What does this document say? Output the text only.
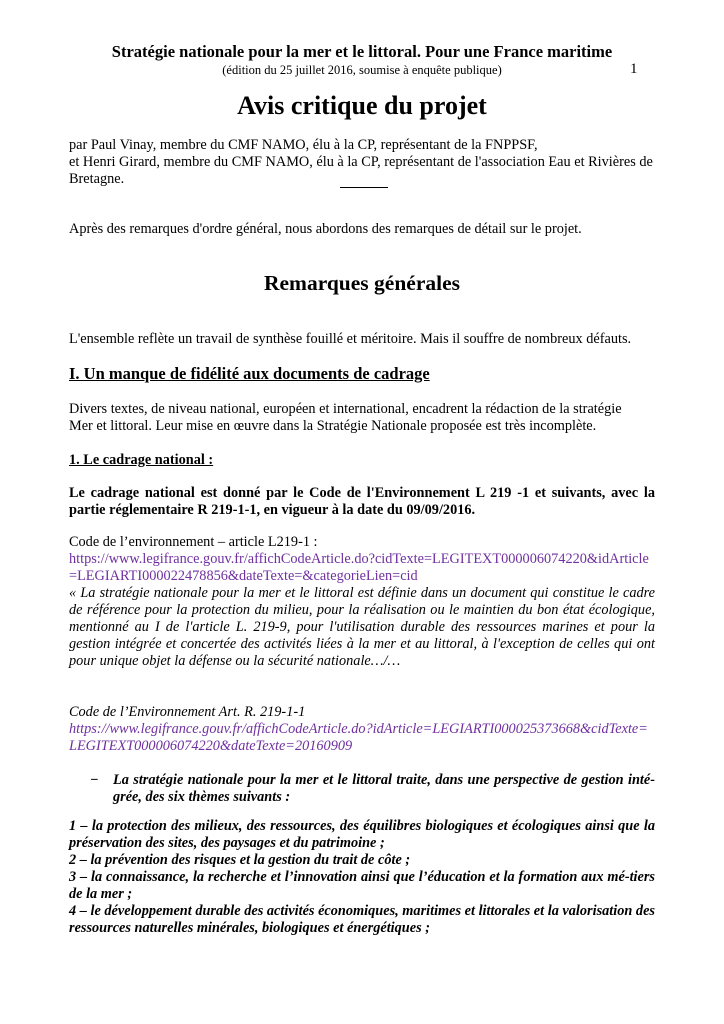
Stratégie nationale pour la mer et le littoral. Pour une France maritime
(édition du 25 juillet 2016, soumise à enquête publique)	1
Avis critique du projet
par Paul Vinay, membre du CMF NAMO, élu à la CP, représentant de la FNPPSF,
et Henri Girard, membre du CMF NAMO, élu à la CP, représentant de l'association Eau et Rivières de Bretagne.
Après des remarques d'ordre général, nous abordons des remarques de détail sur le projet.
Remarques générales
L'ensemble reflète un travail de synthèse fouillé et méritoire. Mais il souffre de nombreux défauts.
I. Un manque de fidélité aux documents de cadrage
Divers textes, de niveau national, européen et international, encadrent la rédaction de la stratégie Mer et littoral. Leur mise en œuvre dans la Stratégie Nationale proposée est très incomplète.
1. Le cadrage national :
Le cadrage national est donné par le Code de l'Environnement L 219 -1 et suivants, avec la partie réglementaire R 219-1-1, en vigueur à la date du 09/09/2016.
Code de l’environnement – article L219-1 :
https://www.legifrance.gouv.fr/affichCodeArticle.do?cidTexte=LEGITEXT000006074220&idArticle=LEGIARTI000022478856&dateTexte=&categorieLien=cid
« La stratégie nationale pour la mer et le littoral est définie dans un document qui constitue le cadre de référence pour la protection du milieu, pour la réalisation ou le maintien du bon état écologique, mentionné au I de l'article L. 219-9, pour l'utilisation durable des ressources marines et pour la gestion intégrée et concertée des activités liées à la mer et au littoral, à l'exception de celles qui ont pour unique objet la défense ou la sécurité nationale…/…
Code de l’Environnement Art. R. 219-1-1
https://www.legifrance.gouv.fr/affichCodeArticle.do?idArticle=LEGIARTI000025373668&cidTexte=LEGITEXT000006074220&dateTexte=20160909
− La stratégie nationale pour la mer et le littoral traite, dans une perspective de gestion inté-grée, des six thèmes suivants :

1 – la protection des milieux, des ressources, des équilibres biologiques et écologiques ainsi que la préservation des sites, des paysages et du patrimoine ;

2 – la prévention des risques et la gestion du trait de côte ;

3 – la connaissance, la recherche et l’innovation ainsi que l’éducation et la formation aux mé-tiers de la mer ;

4 – le développement durable des activités économiques, maritimes et littorales et la valorisation des ressources naturelles minérales, biologiques et énergétiques ;
